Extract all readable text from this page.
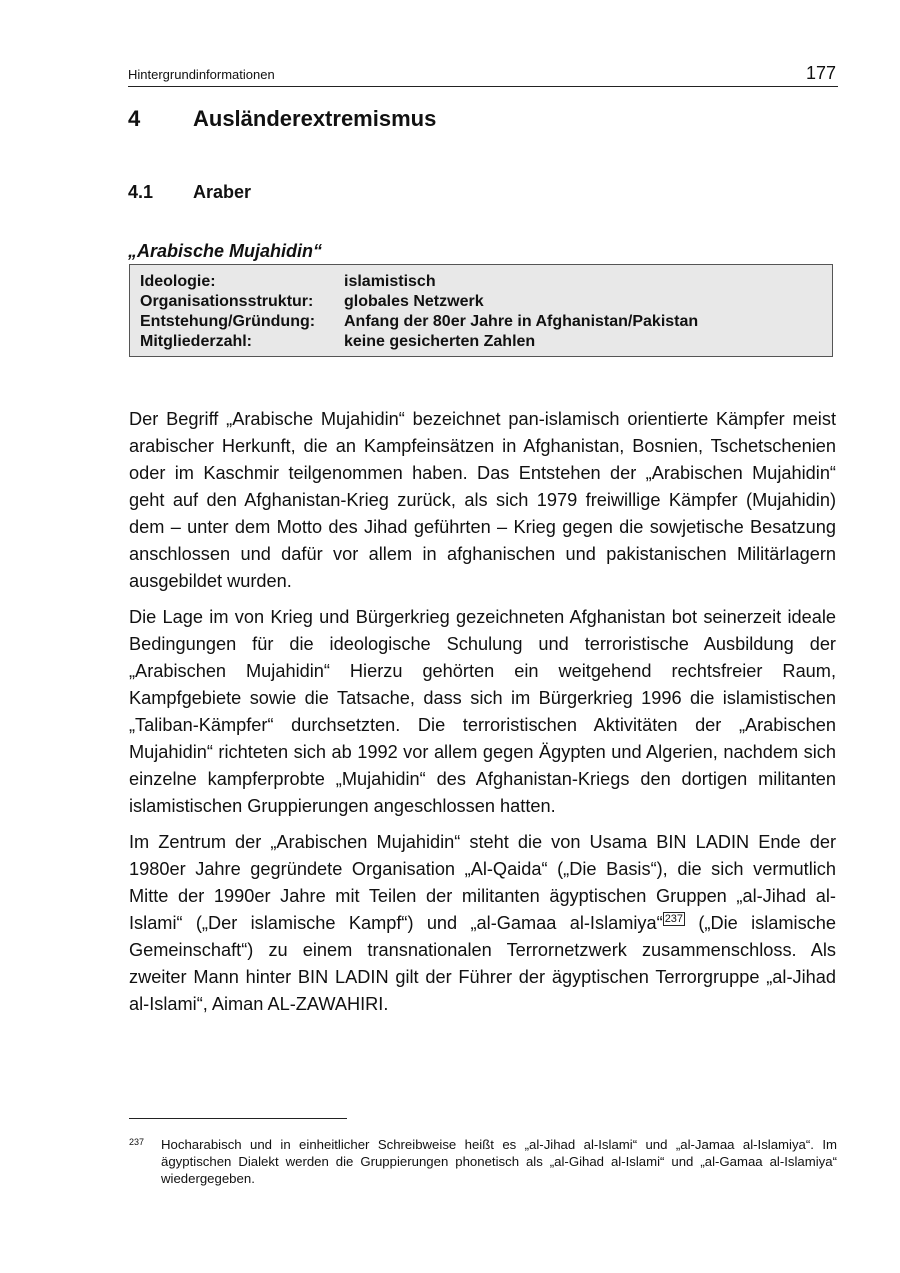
Hintergrundinformationen	177
4 Ausländerextremismus
4.1 Araber
„Arabische Mujahidin“
Ideologie:	islamistisch
Organisationsstruktur:	globales Netzwerk
Entstehung/Gründung:	Anfang der 80er Jahre in Afghanistan/Pakistan
Mitgliederzahl:	keine gesicherten Zahlen

Der Begriff „Arabische Mujahidin“ bezeichnet pan-islamisch orientierte Kämpfer meist arabischer Herkunft, die an Kampfeinsätzen in Afghanistan, Bosnien, Tschetschenien oder im Kaschmir teilgenommen haben. Das Entstehen der „Arabischen Mujahidin“ geht auf den Afghanistan-Krieg zurück, als sich 1979 freiwillige Kämpfer (Mujahidin) dem – unter dem Motto des Jihad geführten – Krieg gegen die sowjetische Besatzung anschlossen und dafür vor allem in afghanischen und pakistanischen Militärlagern ausgebildet wurden.

Die Lage im von Krieg und Bürgerkrieg gezeichneten Afghanistan bot seinerzeit ideale Bedingungen für die ideologische Schulung und terroristische Ausbildung der „Arabischen Mujahidin“ Hierzu gehörten ein weitgehend rechtsfreier Raum, Kampfgebiete sowie die Tatsache, dass sich im Bürgerkrieg 1996 die islamistischen „Taliban-Kämpfer“ durchsetzten. Die terroristischen Aktivitäten der „Arabischen Mujahidin“ richteten sich ab 1992 vor allem gegen Ägypten und Algerien, nachdem sich einzelne kampferprobte „Mujahidin“ des Afghanistan-Kriegs den dortigen militanten islamistischen Gruppierungen angeschlossen hatten.

Im Zentrum der „Arabischen Mujahidin“ steht die von Usama BIN LADIN Ende der 1980er Jahre gegründete Organisation „Al-Qaida“ („Die Basis“), die sich vermutlich Mitte der 1990er Jahre mit Teilen der militanten ägyptischen Gruppen „al-Jihad al-Islami“ („Der islamische Kampf“) und „al-Gamaa al-Islamiya“ $^{237}$ („Die islamische Gemeinschaft“) zu einem transnationalen Terrornetzwerk zusammenschloss. Als zweiter Mann hinter BIN LADIN gilt der Führer der ägyptischen Terrorgruppe „al-Jihad al-Islami“, Aiman AL-ZAWAHIRI.

237	Hocharabisch und in einheitlicher Schreibweise heißt es „al-Jihad al-Islami“ und „al-Jamaa al-Islamiya“. Im ägyptischen Dialekt werden die Gruppierungen phonetisch als „al-Gihad al-Islami“ und „al-Gamaa al-Islamiya“ wiedergegeben.
